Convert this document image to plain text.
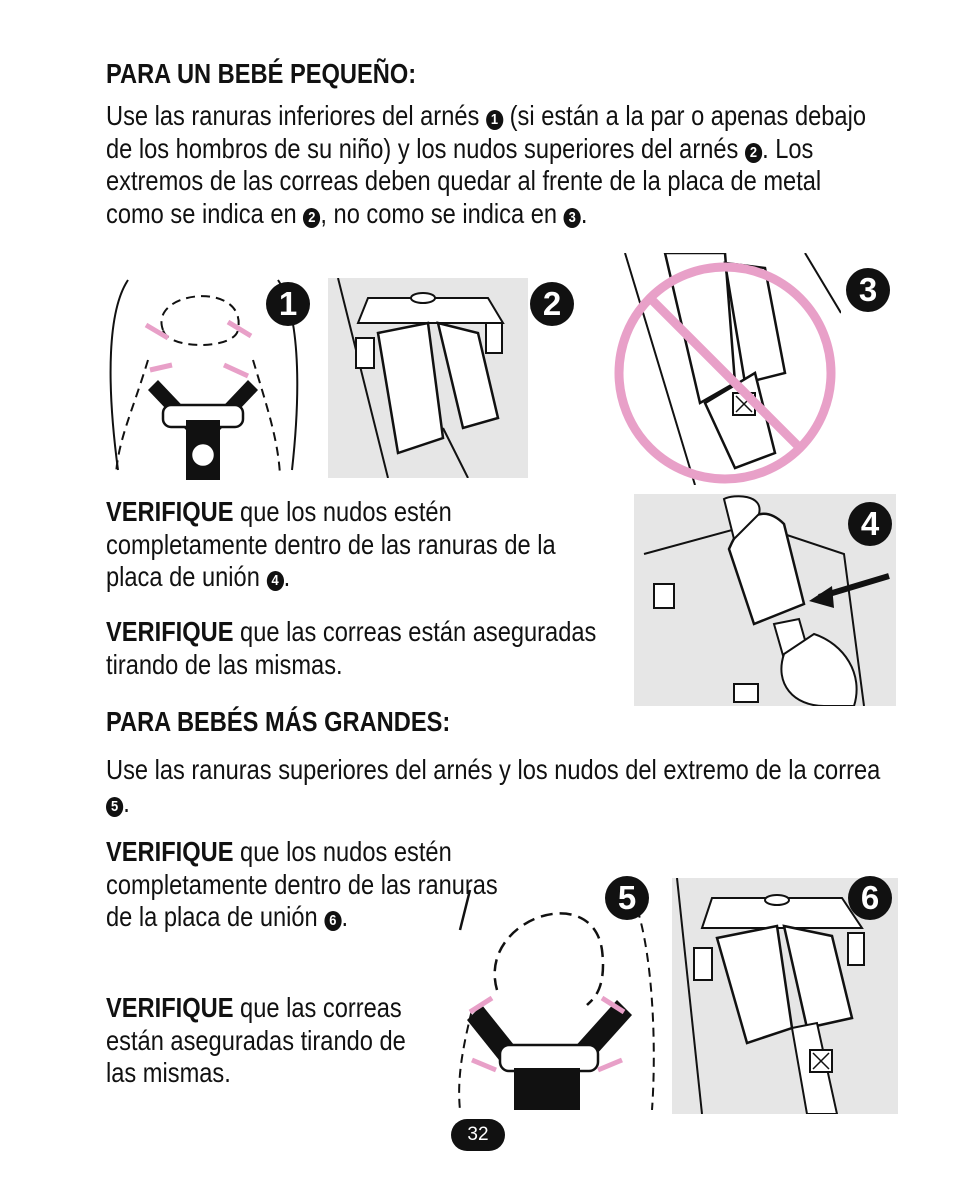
PARA UN BEBÉ PEQUEÑO:

Use las ranuras inferiores del arnés 1 (si están a la par o apenas debajo de los hombros de su niño) y los nudos superiores del arnés 2 . Los extremos de las correas deben quedar al frente de la placa de metal como se indica en 2 , no como se indica en 3 .

1	2	3

VERIFIQUE que los nudos estén completamente dentro de las ranuras de la placa de unión 4 .

VERIFIQUE que las correas están aseguradas tirando de las mismas.

4

PARA BEBÉS MÁS GRANDES:

Use las ranuras superiores del arnés y los nudos del extremo de la correa 5 .

VERIFIQUE que los nudos estén completamente dentro de las ranuras de la placa de unión 6 .

VERIFIQUE que las correas están aseguradas tirando de las mismas.

5	6
32
